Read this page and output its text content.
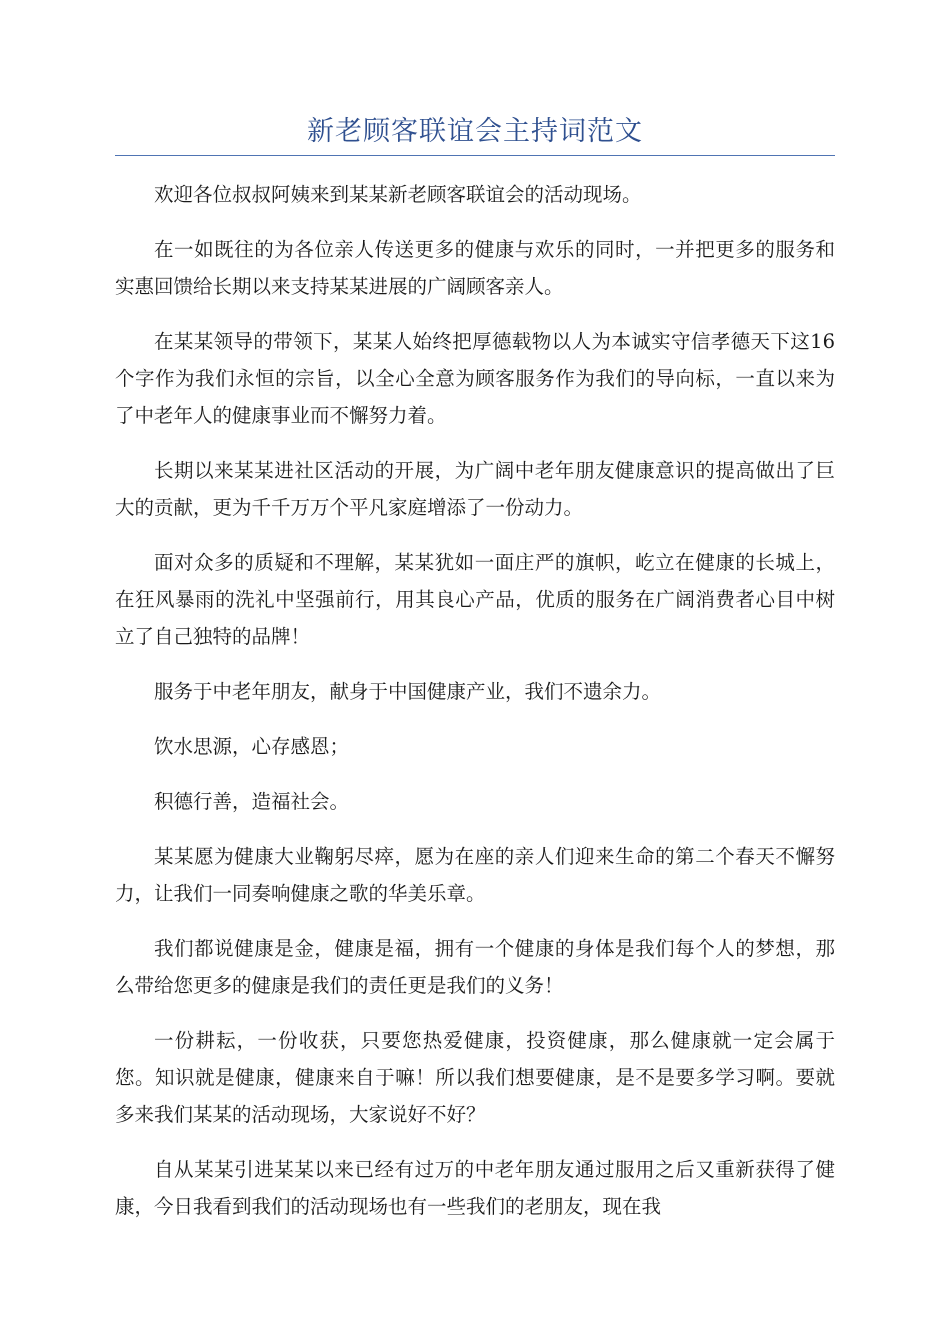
新老顾客联谊会主持词范文

欢迎各位叔叔阿姨来到某某新老顾客联谊会的活动现场。

在一如既往的为各位亲人传送更多的健康与欢乐的同时，一并把更多的服务和实惠回馈给长期以来支持某某进展的广阔顾客亲人。

在某某领导的带领下，某某人始终把厚德载物以人为本诚实守信孝德天下这16个字作为我们永恒的宗旨，以全心全意为顾客服务作为我们的导向标，一直以来为了中老年人的健康事业而不懈努力着。

长期以来某某进社区活动的开展，为广阔中老年朋友健康意识的提高做出了巨大的贡献，更为千千万万个平凡家庭增添了一份动力。

面对众多的质疑和不理解，某某犹如一面庄严的旗帜，屹立在健康的长城上，在狂风暴雨的洗礼中坚强前行，用其良心产品，优质的服务在广阔消费者心目中树立了自己独特的品牌！

服务于中老年朋友，献身于中国健康产业，我们不遗余力。

饮水思源，心存感恩；

积德行善，造福社会。

某某愿为健康大业鞠躬尽瘁，愿为在座的亲人们迎来生命的第二个春天不懈努力，让我们一同奏响健康之歌的华美乐章。

我们都说健康是金，健康是福，拥有一个健康的身体是我们每个人的梦想，那么带给您更多的健康是我们的责任更是我们的义务！

一份耕耘，一份收获，只要您热爱健康，投资健康，那么健康就一定会属于您。知识就是健康，健康来自于嘛！所以我们想要健康，是不是要多学习啊。要就多来我们某某的活动现场，大家说好不好？

自从某某引进某某以来已经有过万的中老年朋友通过服用之后又重新获得了健康，今日我看到我们的活动现场也有一些我们的老朋友，现在我
